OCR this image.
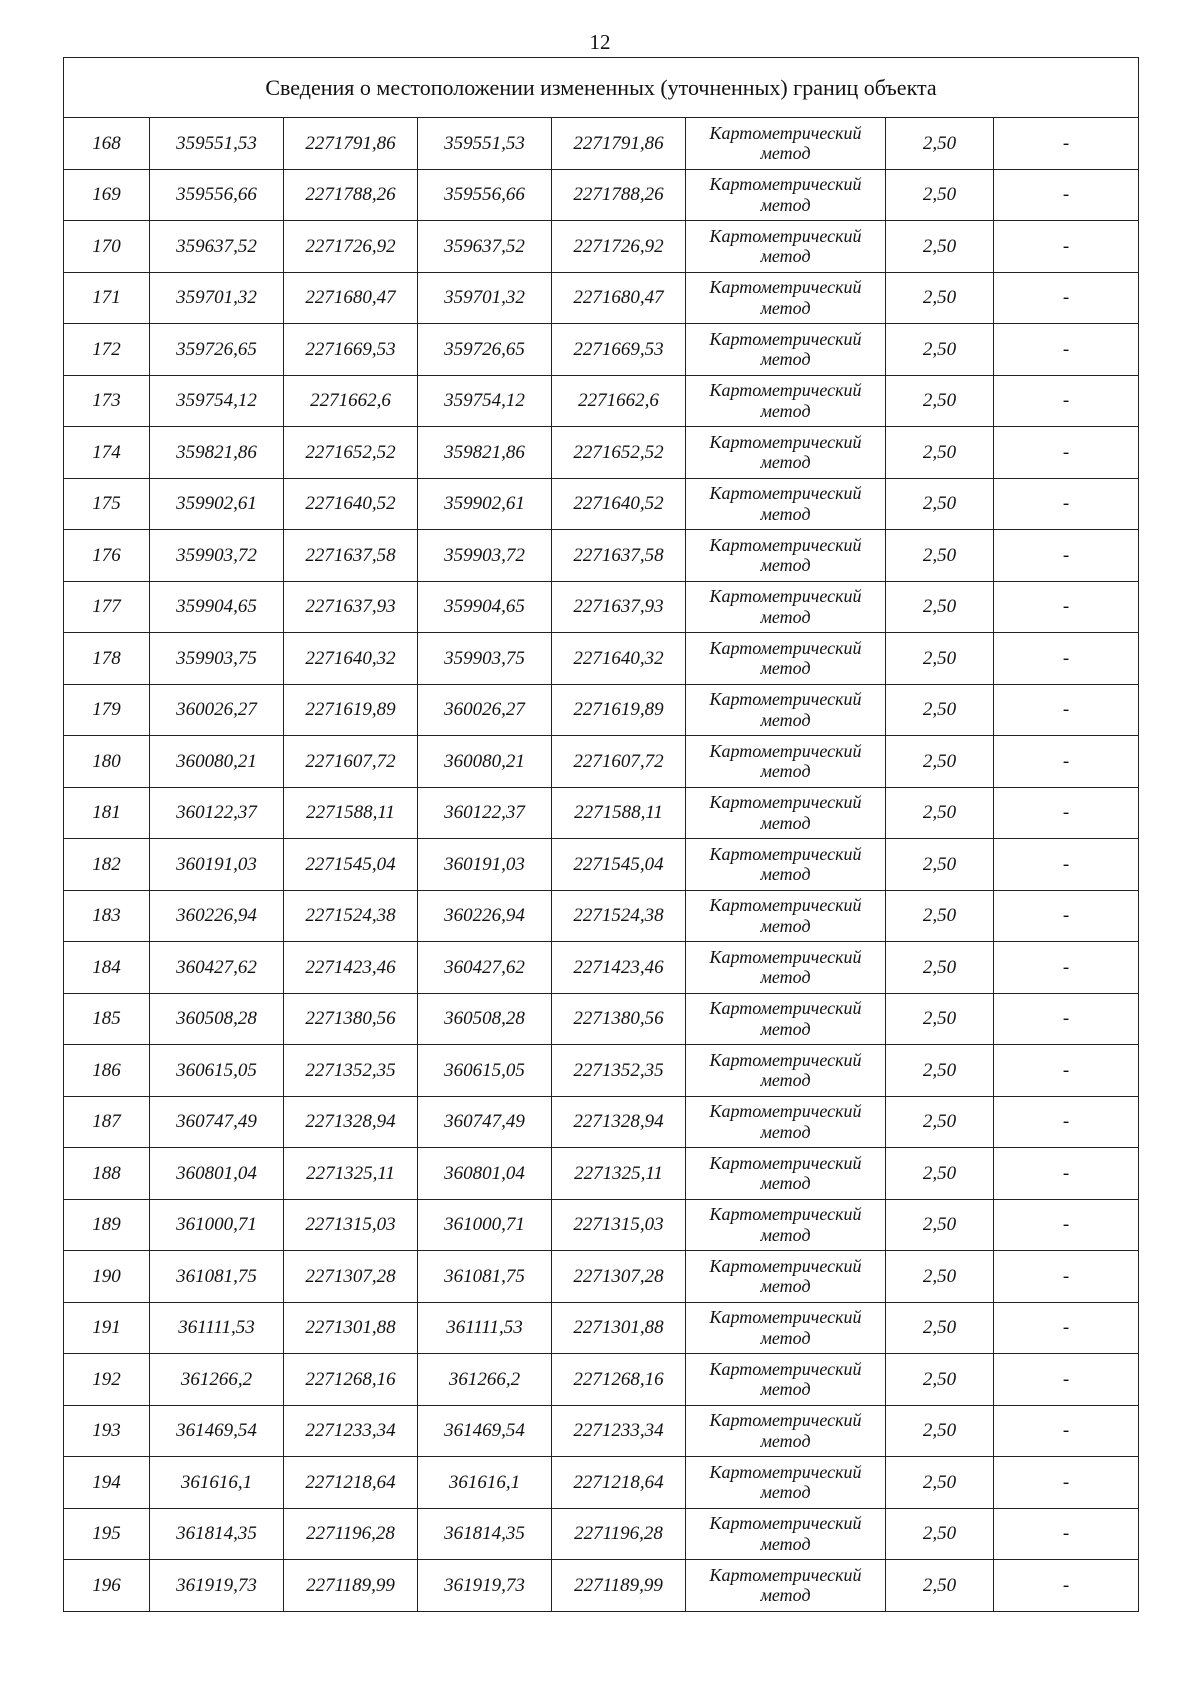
12
Сведения о местоположении измененных (уточненных) границ объекта							
168	359551,53	2271791,86	359551,53	2271791,86	Картометрический метод	2,50	-
169	359556,66	2271788,26	359556,66	2271788,26	Картометрический метод	2,50	-
170	359637,52	2271726,92	359637,52	2271726,92	Картометрический метод	2,50	-
171	359701,32	2271680,47	359701,32	2271680,47	Картометрический метод	2,50	-
172	359726,65	2271669,53	359726,65	2271669,53	Картометрический метод	2,50	-
173	359754,12	2271662,6	359754,12	2271662,6	Картометрический метод	2,50	-
174	359821,86	2271652,52	359821,86	2271652,52	Картометрический метод	2,50	-
175	359902,61	2271640,52	359902,61	2271640,52	Картометрический метод	2,50	-
176	359903,72	2271637,58	359903,72	2271637,58	Картометрический метод	2,50	-
177	359904,65	2271637,93	359904,65	2271637,93	Картометрический метод	2,50	-
178	359903,75	2271640,32	359903,75	2271640,32	Картометрический метод	2,50	-
179	360026,27	2271619,89	360026,27	2271619,89	Картометрический метод	2,50	-
180	360080,21	2271607,72	360080,21	2271607,72	Картометрический метод	2,50	-
181	360122,37	2271588,11	360122,37	2271588,11	Картометрический метод	2,50	-
182	360191,03	2271545,04	360191,03	2271545,04	Картометрический метод	2,50	-
183	360226,94	2271524,38	360226,94	2271524,38	Картометрический метод	2,50	-
184	360427,62	2271423,46	360427,62	2271423,46	Картометрический метод	2,50	-
185	360508,28	2271380,56	360508,28	2271380,56	Картометрический метод	2,50	-
186	360615,05	2271352,35	360615,05	2271352,35	Картометрический метод	2,50	-
187	360747,49	2271328,94	360747,49	2271328,94	Картометрический метод	2,50	-
188	360801,04	2271325,11	360801,04	2271325,11	Картометрический метод	2,50	-
189	361000,71	2271315,03	361000,71	2271315,03	Картометрический метод	2,50	-
190	361081,75	2271307,28	361081,75	2271307,28	Картометрический метод	2,50	-
191	361111,53	2271301,88	361111,53	2271301,88	Картометрический метод	2,50	-
192	361266,2	2271268,16	361266,2	2271268,16	Картометрический метод	2,50	-
193	361469,54	2271233,34	361469,54	2271233,34	Картометрический метод	2,50	-
194	361616,1	2271218,64	361616,1	2271218,64	Картометрический метод	2,50	-
195	361814,35	2271196,28	361814,35	2271196,28	Картометрический метод	2,50	-
196	361919,73	2271189,99	361919,73	2271189,99	Картометрический метод	2,50	-
